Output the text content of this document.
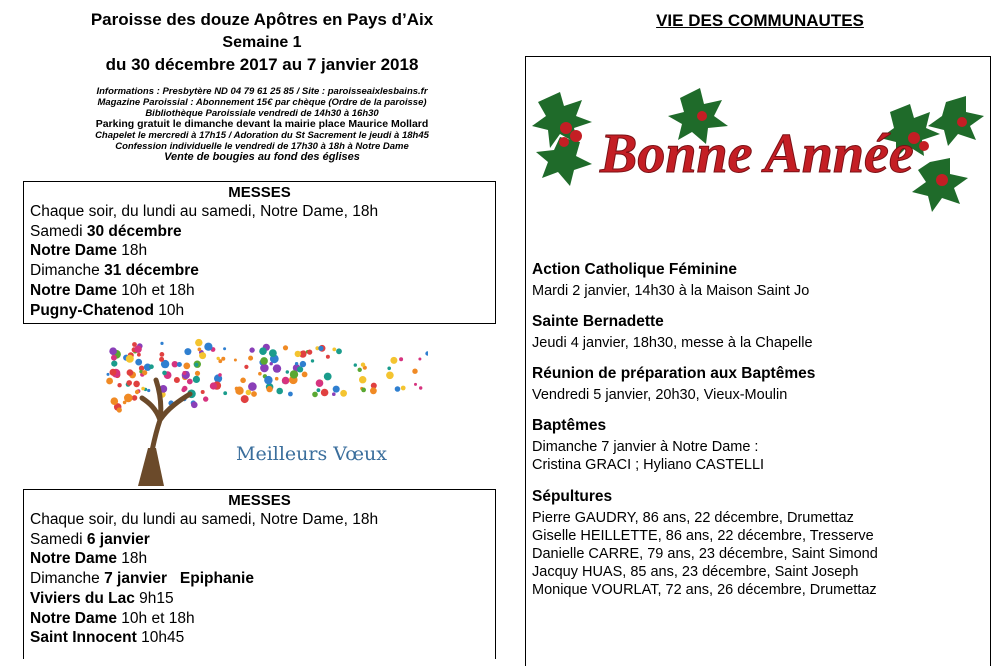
Paroisse des douze Apôtres en Pays d’Aix
Semaine 1
du 30 décembre 2017 au 7 janvier 2018
Informations : Presbytère ND 04 79 61 25 85 / Site : paroisseaixlesbains.fr
Magazine Paroissial : Abonnement 15€ par chèque (Ordre de la paroisse)
Bibliothèque Paroissiale vendredi de 14h30 à 16h30
Parking gratuit le dimanche devant la mairie place Maurice Mollard
Chapelet le mercredi à 17h15 / Adoration du St Sacrement le jeudi à 18h45
Confession individuelle le vendredi de 17h30 à 18h à Notre Dame
Vente de bougies au fond des églises
MESSES
Chaque soir, du lundi au samedi, Notre Dame, 18h
Samedi 30 décembre
Notre Dame 18h
Dimanche 31 décembre
Notre Dame 10h et 18h
Pugny-Chatenod 10h
Meilleurs Vœux
MESSES
Chaque soir, du lundi au samedi, Notre Dame, 18h
Samedi 6 janvier
Notre Dame 18h
Dimanche 7 janvier   Epiphanie
Viviers du Lac 9h15
Notre Dame 10h et 18h
Saint Innocent 10h45
VIE DES COMMUNAUTES
Bonne Année
Action Catholique Féminine
Mardi 2 janvier, 14h30 à la Maison Saint Jo
Sainte Bernadette
Jeudi 4 janvier, 18h30, messe à la Chapelle
Réunion de préparation aux Baptêmes
Vendredi 5 janvier, 20h30, Vieux-Moulin
Baptêmes
Dimanche 7 janvier à Notre Dame :
Cristina GRACI ; Hyliano CASTELLI
Sépultures
Pierre GAUDRY, 86 ans, 22 décembre, Drumettaz
Giselle HEILLETTE, 86 ans, 22 décembre, Tresserve
Danielle CARRE, 79 ans, 23 décembre, Saint Simond
Jacquy HUAS, 85 ans, 23 décembre, Saint Joseph
Monique VOURLAT, 72 ans, 26 décembre, Drumettaz
